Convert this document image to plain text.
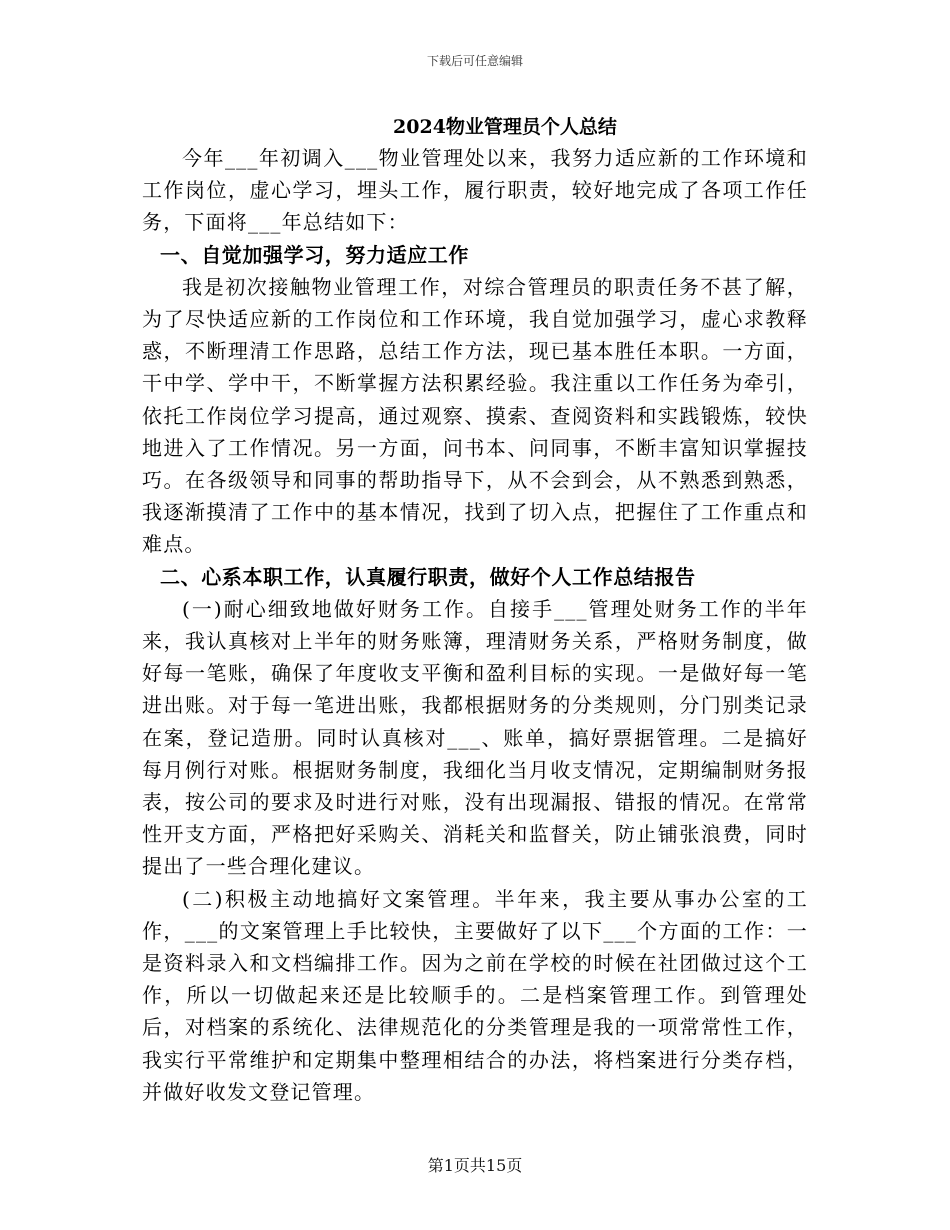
下载后可任意编辑
2024物业管理员个人总结

今年___年初调入___物业管理处以来，我努力适应新的工作环境和工作岗位，虚心学习，埋头工作，履行职责，较好地完成了各项工作任务，下面将___年总结如下：

一、自觉加强学习，努力适应工作

我是初次接触物业管理工作，对综合管理员的职责任务不甚了解，为了尽快适应新的工作岗位和工作环境，我自觉加强学习，虚心求教释惑，不断理清工作思路，总结工作方法，现已基本胜任本职。一方面，干中学、学中干，不断掌握方法积累经验。我注重以工作任务为牵引，依托工作岗位学习提高，通过观察、摸索、查阅资料和实践锻炼，较快地进入了工作情况。另一方面，问书本、问同事，不断丰富知识掌握技巧。在各级领导和同事的帮助指导下，从不会到会，从不熟悉到熟悉，我逐渐摸清了工作中的基本情况，找到了切入点，把握住了工作重点和难点。

二、心系本职工作，认真履行职责，做好个人工作总结报告

(一)耐心细致地做好财务工作。自接手___管理处财务工作的半年来，我认真核对上半年的财务账簿，理清财务关系，严格财务制度，做好每一笔账，确保了年度收支平衡和盈利目标的实现。一是做好每一笔进出账。对于每一笔进出账，我都根据财务的分类规则，分门别类记录在案，登记造册。同时认真核对___、账单，搞好票据管理。二是搞好每月例行对账。根据财务制度，我细化当月收支情况，定期编制财务报表，按公司的要求及时进行对账，没有出现漏报、错报的情况。在常常性开支方面，严格把好采购关、消耗关和监督关，防止铺张浪费，同时提出了一些合理化建议。

(二)积极主动地搞好文案管理。半年来，我主要从事办公室的工作，___的文案管理上手比较快，主要做好了以下___个方面的工作：一是资料录入和文档编排工作。因为之前在学校的时候在社团做过这个工作，所以一切做起来还是比较顺手的。二是档案管理工作。到管理处后，对档案的系统化、法律规范化的分类管理是我的一项常常性工作，我实行平常维护和定期集中整理相结合的办法，将档案进行分类存档，并做好收发文登记管理。

第1页共15页
